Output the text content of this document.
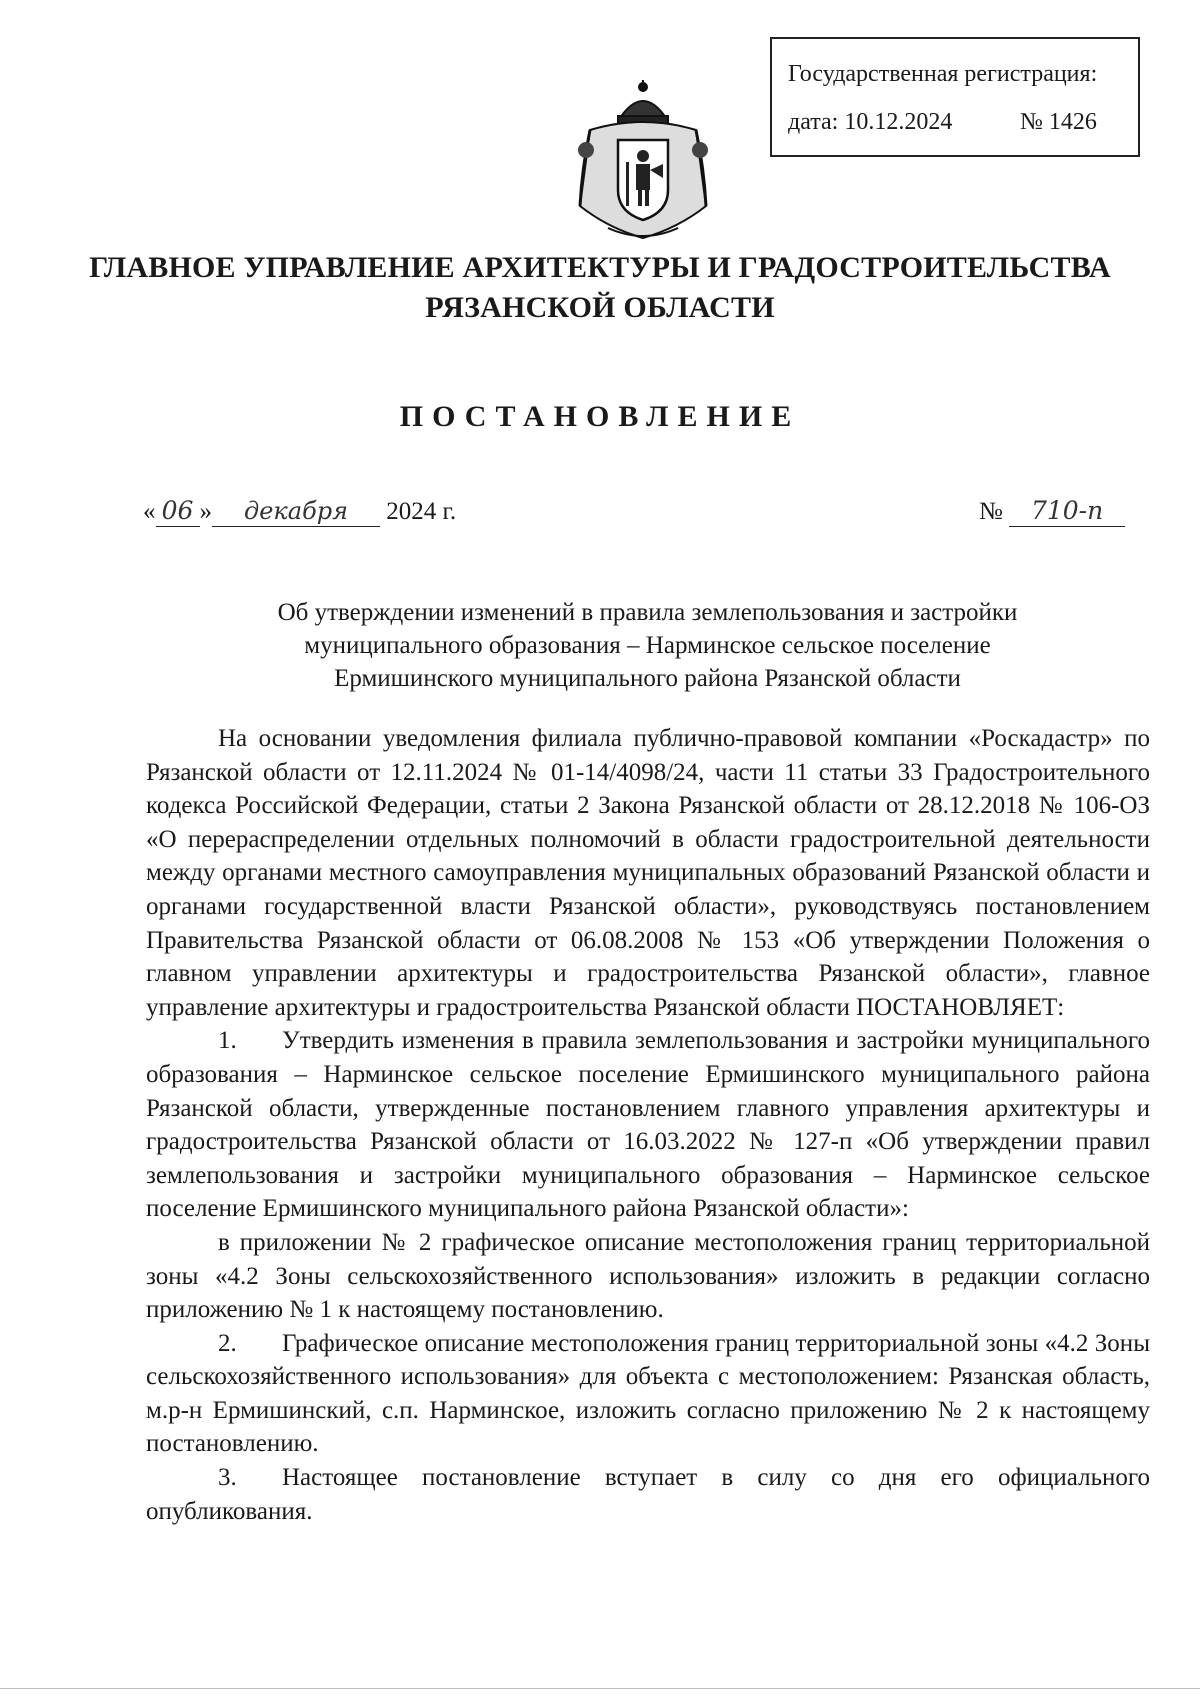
Государственная регистрация:
дата: 10.12.2024	№ 1426
ГЛАВНОЕ УПРАВЛЕНИЕ АРХИТЕКТУРЫ И ГРАДОСТРОИТЕЛЬСТВА
РЯЗАНСКОЙ ОБЛАСТИ
ПОСТАНОВЛЕНИЕ
« 06 » декабря 2024 г.	№ 710-п
Об утверждении изменений в правила землепользования и застройки
муниципального образования – Нарминское сельское поселение
Ермишинского муниципального района Рязанской области

На основании уведомления филиала публично-правовой компании «Роскадастр» по Рязанской области от 12.11.2024 № 01-14/4098/24, части 11 статьи 33 Градостроительного кодекса Российской Федерации, статьи 2 Закона Рязанской области от 28.12.2018 № 106-ОЗ «О перераспределении отдельных полномочий в области градостроительной деятельности между органами местного самоуправления муниципальных образований Рязанской области и органами государственной власти Рязанской области», руководствуясь постановлением Правительства Рязанской области от 06.08.2008 № 153 «Об утверждении Положения о главном управлении архитектуры и градостроительства Рязанской области», главное управление архитектуры и градостроительства Рязанской области ПОСТАНОВЛЯЕТ:

1. Утвердить изменения в правила землепользования и застройки муниципального образования – Нарминское сельское поселение Ермишинского муниципального района Рязанской области, утвержденные постановлением главного управления архитектуры и градостроительства Рязанской области от 16.03.2022 № 127-п «Об утверждении правил землепользования и застройки муниципального образования – Нарминское сельское поселение Ермишинского муниципального района Рязанской области»:

в приложении № 2 графическое описание местоположения границ территориальной зоны «4.2 Зоны сельскохозяйственного использования» изложить в редакции согласно приложению № 1 к настоящему постановлению.

2. Графическое описание местоположения границ территориальной зоны «4.2 Зоны сельскохозяйственного использования» для объекта с местоположением: Рязанская область, м.р-н Ермишинский, с.п. Нарминское, изложить согласно приложению № 2 к настоящему постановлению.

3. Настоящее постановление вступает в силу со дня его официального опубликования.
